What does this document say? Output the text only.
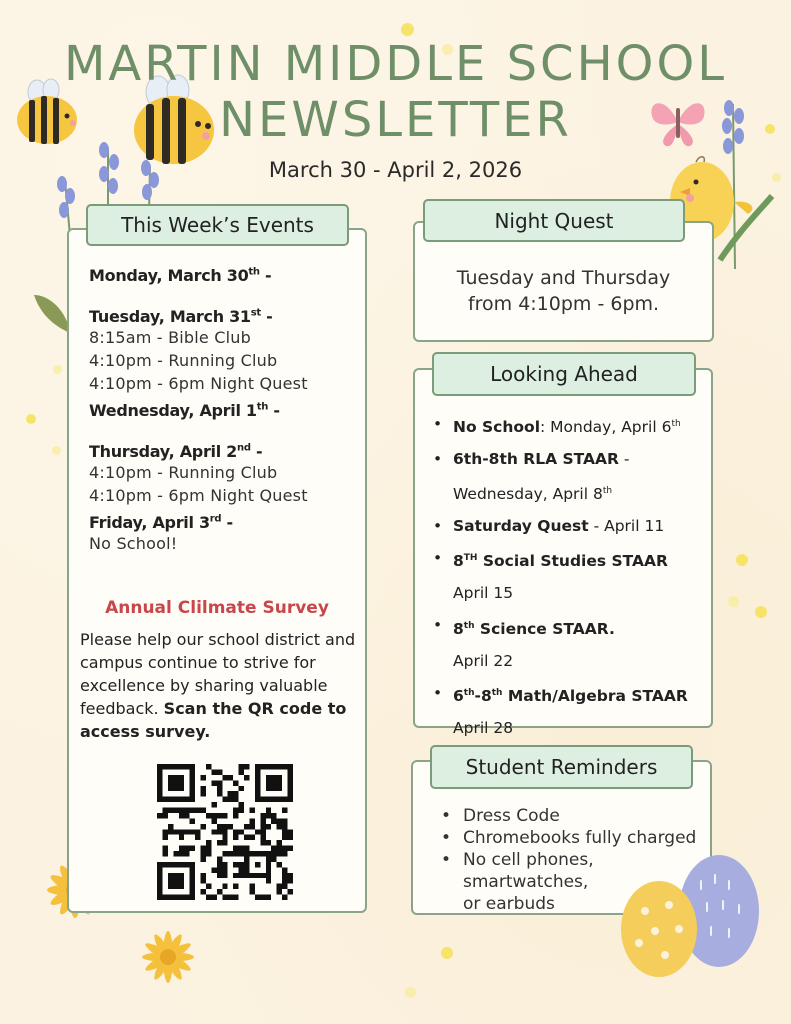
MARTIN MIDDLE SCHOOL
NEWSLETTER
March 30 - April 2, 2026
Monday, March 30th -
Tuesday, March 31st -
8:15am - Bible Club
4:10pm - Running Club
4:10pm - 6pm Night Quest
Wednesday, April 1th -
Thursday, April 2nd -
4:10pm - Running Club
4:10pm - 6pm Night Quest
Friday, April 3rd -
No School!
Annual Clilmate Survey
Please help our school district and campus continue to strive for excellence by sharing valuable feedback. Scan the QR code to access survey.
This Week’s Events
Tuesday and Thursday
from 4:10pm - 6pm.
Night Quest
• No School: Monday, April 6th
• 6th-8th RLA STAAR -
Wednesday, April 8th
• Saturday Quest - April 11
• 8TH Social Studies STAAR
April 15
• 8th Science STAAR.
April 22
• 6th-8th Math/Algebra STAAR
April 28
Looking Ahead
• Dress Code
• Chromebooks fully charged
• No cell phones, smartwatches,
or earbuds
Student Reminders
